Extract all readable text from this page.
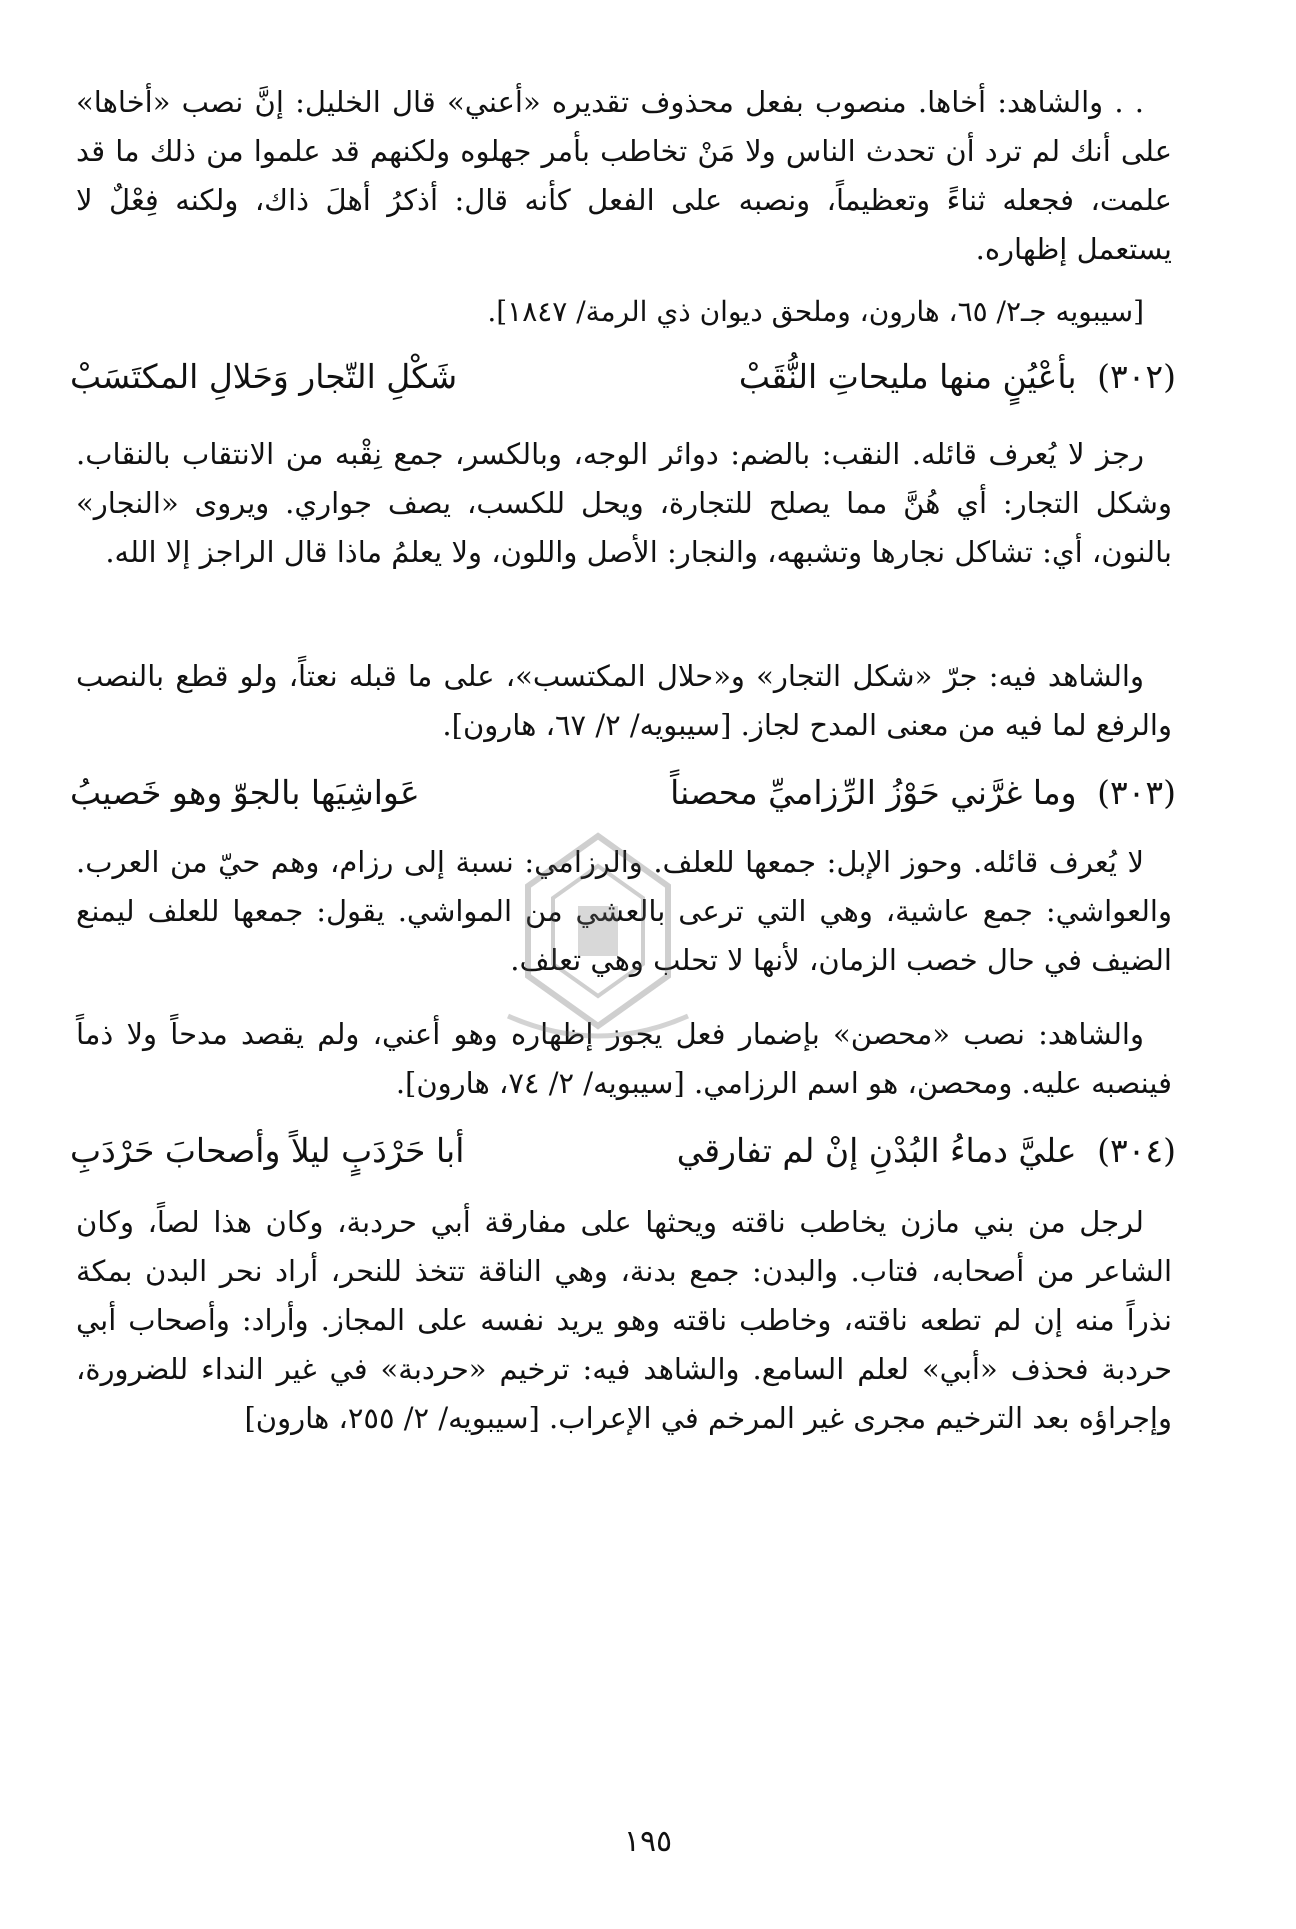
. . والشاهد: أخاها. منصوب بفعل محذوف تقديره «أعني» قال الخليل: إنَّ نصب «أخاها» على أنك لم ترد أن تحدث الناس ولا مَنْ تخاطب بأمر جهلوه ولكنهم قد علموا من ذلك ما قد علمت، فجعله ثناءً وتعظيماً، ونصبه على الفعل كأنه قال: أذكرُ أهلَ ذاك، ولكنه فِعْلٌ لا يستعمل إظهاره.

[سيبويه جـ٢/ ٦٥، هارون، وملحق ديوان ذي الرمة/ ١٨٤٧].

(٣٠٢) بأعْيُنٍ منها مليحاتِ النُّقَبْ
شَكْلِ التّجار وَحَلالِ المكتَسَبْ

رجز لا يُعرف قائله. النقب: بالضم: دوائر الوجه، وبالكسر، جمع نِقْبه من الانتقاب بالنقاب. وشكل التجار: أي هُنَّ مما يصلح للتجارة، ويحل للكسب، يصف جواري. ويروى «النجار» بالنون، أي: تشاكل نجارها وتشبهه، والنجار: الأصل واللون، ولا يعلمُ ماذا قال الراجز إلا الله.

والشاهد فيه: جرّ «شكل التجار» و«حلال المكتسب»، على ما قبله نعتاً، ولو قطع بالنصب والرفع لما فيه من معنى المدح لجاز. [سيبويه/ ٢/ ٦٧، هارون].

(٣٠٣) وما غرَّني حَوْزُ الرِّزاميِّ محصناً
عَواشِيَها بالجوّ وهو خَصيبُ

لا يُعرف قائله. وحوز الإبل: جمعها للعلف. والرزامي: نسبة إلى رزام، وهم حيّ من العرب. والعواشي: جمع عاشية، وهي التي ترعى بالعشي من المواشي. يقول: جمعها للعلف ليمنع الضيف في حال خصب الزمان، لأنها لا تحلب وهي تعلف.

والشاهد: نصب «محصن» بإضمار فعل يجوز إظهاره وهو أعني، ولم يقصد مدحاً ولا ذماً فينصبه عليه. ومحصن، هو اسم الرزامي. [سيبويه/ ٢/ ٧٤، هارون].

(٣٠٤) عليَّ دماءُ البُدْنِ إنْ لم تفارقي
أبا حَرْدَبٍ ليلاً وأصحابَ حَرْدَبِ

لرجل من بني مازن يخاطب ناقته ويحثها على مفارقة أبي حردبة، وكان هذا لصاً، وكان الشاعر من أصحابه، فتاب. والبدن: جمع بدنة، وهي الناقة تتخذ للنحر، أراد نحر البدن بمكة نذراً منه إن لم تطعه ناقته، وخاطب ناقته وهو يريد نفسه على المجاز. وأراد: وأصحاب أبي حردبة فحذف «أبي» لعلم السامع. والشاهد فيه: ترخيم «حردبة» في غير النداء للضرورة، وإجراؤه بعد الترخيم مجرى غير المرخم في الإعراب. [سيبويه/ ٢/ ٢٥٥، هارون]

١٩٥
